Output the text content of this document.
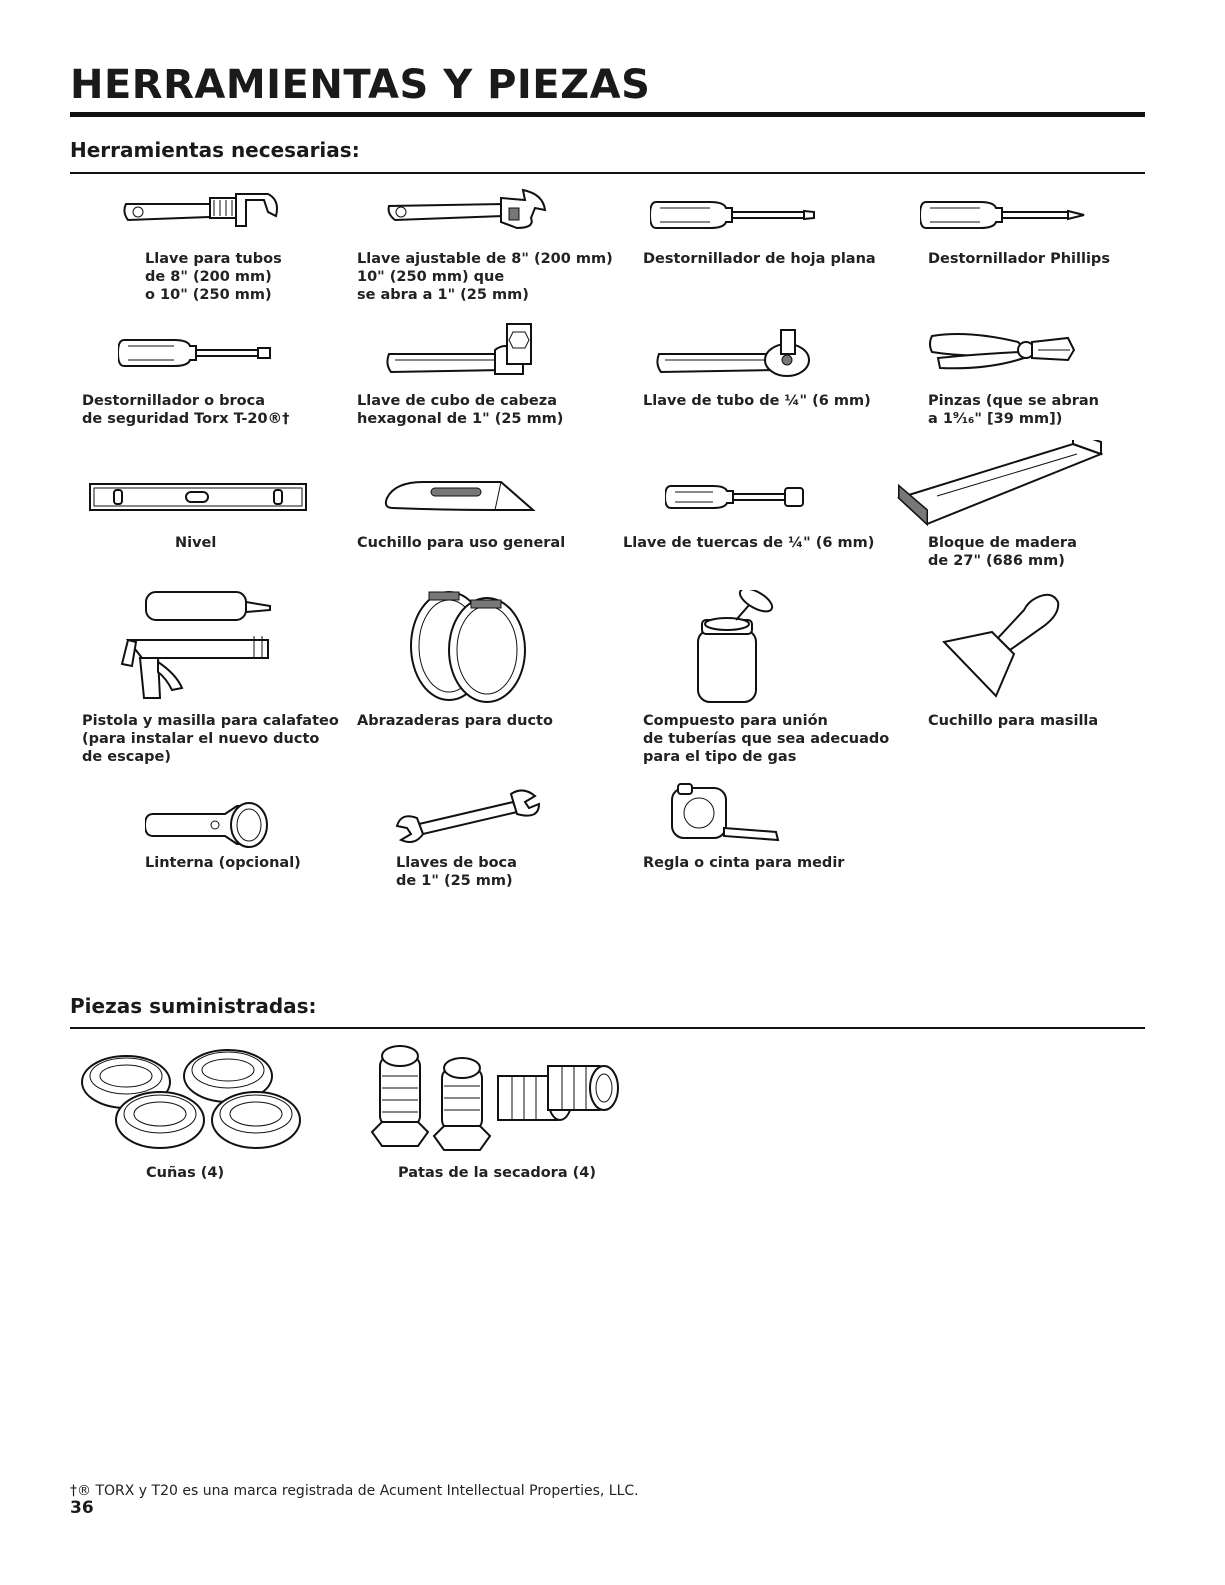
HERRAMIENTAS Y PIEZAS
Herramientas necesarias:
Llave para tubos
de 8" (200 mm)
o 10" (250 mm)
Llave ajustable de 8" (200 mm)
10" (250 mm) que
se abra a 1" (25 mm)
Destornillador de hoja plana	Destornillador Phillips
Destornillador o broca
de seguridad Torx T-20®†
Llave de cubo de cabeza
hexagonal de 1" (25 mm)
Llave de tubo de ¼" (6 mm)	Pinzas (que se abran
a 1⁹⁄₁₆" [39 mm])
Nivel	Cuchillo para uso general	Llave de tuercas de ¼" (6 mm)	Bloque de madera
de 27" (686 mm)
Pistola y masilla para calafateo
(para instalar el nuevo ducto
de escape)
Abrazaderas para ducto	Compuesto para unión
de tuberías que sea adecuado
para el tipo de gas
Cuchillo para masilla
Linterna (opcional)	Llaves de boca
de 1" (25 mm)
Regla o cinta para medir
Piezas suministradas:
Cuñas (4)	Patas de la secadora (4)
†® TORX y T20 es una marca registrada de Acument Intellectual Properties, LLC.
36
